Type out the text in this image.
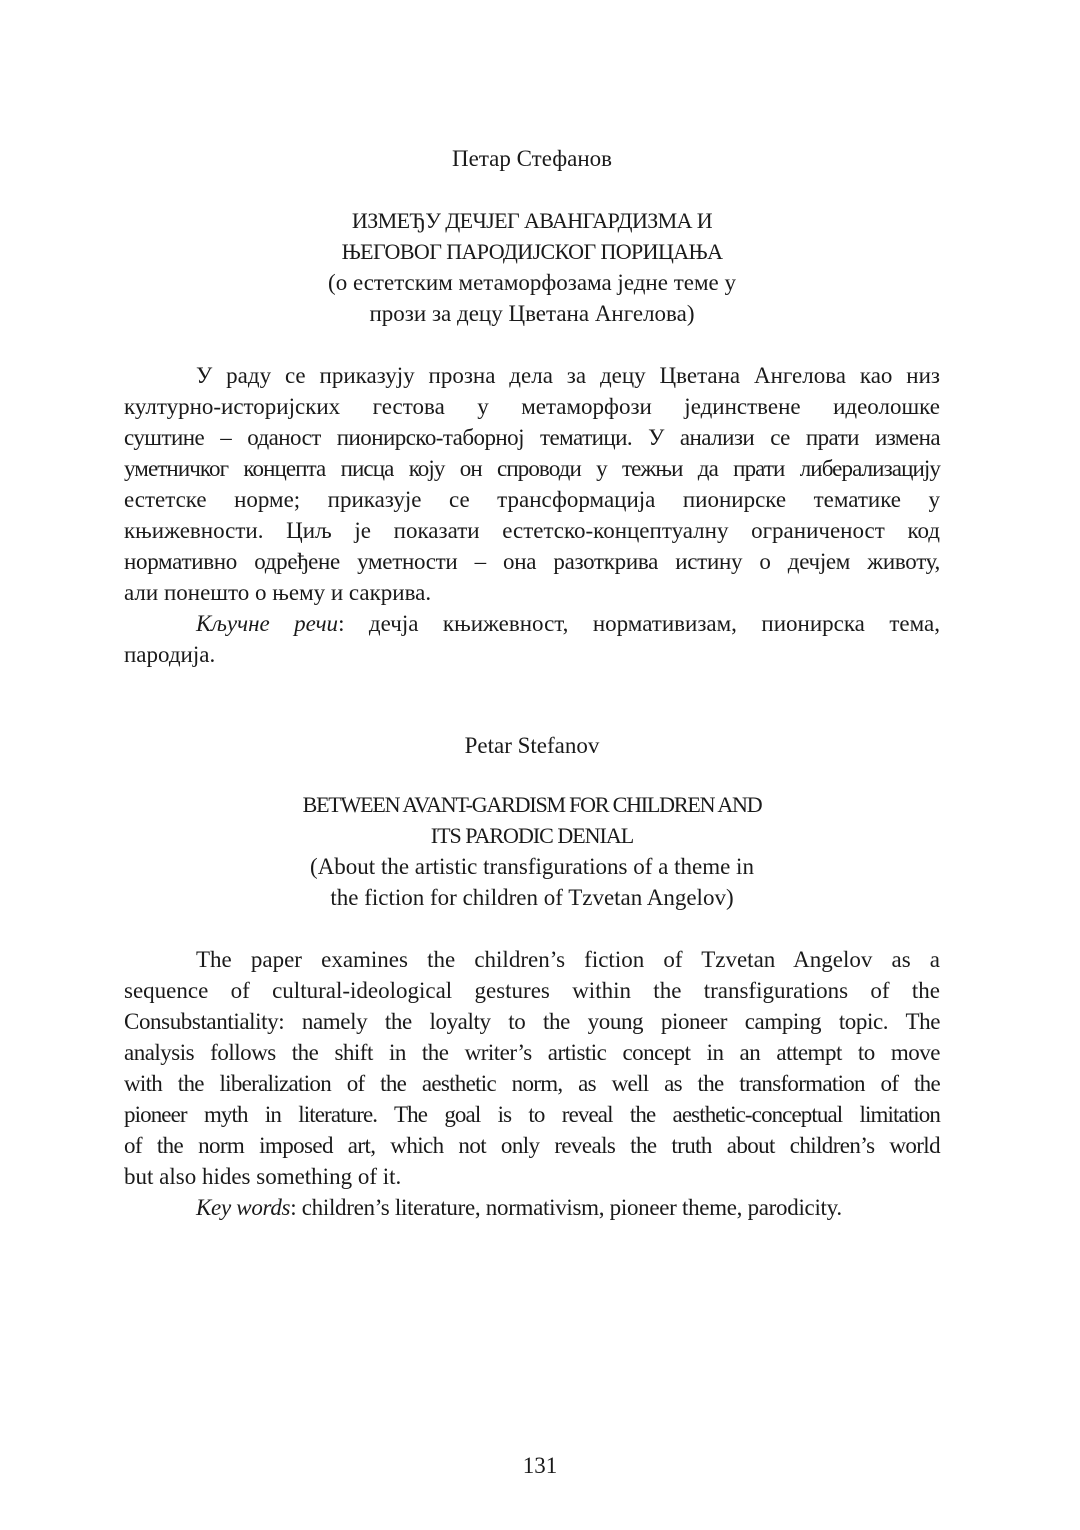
Петар Стефанов
ИЗМЕЂУ ДЕЧЈЕГ АВАНГАРДИЗМА И
ЊЕГОВОГ ПАРОДИЈСКОГ ПОРИЦАЊА
(о естетским метаморфозама једне теме у
прози за децу Цветана Ангелова)

У раду се приказују прозна дела за децу Цветана Ангелова као низ
културно-историјских гестова у метаморфози јединствене идеолошке
суштине – оданост пионирско-таборној тематици. У анализи се прати измена
уметничког концепта писца коју он спроводи у тежњи да прати либерализацију
естетске норме; приказује се трансформација пионирске тематике у
књижевности. Циљ је показати естетско-концептуалну ограниченост код
нормативно одређене уметности – она разоткрива истину о дечјем животу,
али понешто о њему и сакрива.

Кључне речи: дечја књижевност, нормативизам, пионирска тема,
пародија.

Petar Stefanov
BETWEEN AVANT-GARDISM FOR CHILDREN AND
ITS PARODIC DENIAL
(About the artistic transfigurations of a theme in
the fiction for children of Tzvetan Angelov)

The paper examines the children’s fiction of Tzvetan Angelov as a
sequence of cultural-ideological gestures within the transfigurations of the
Consubstantiality: namely the loyalty to the young pioneer camping topic. The
analysis follows the shift in the writer’s artistic concept in an attempt to move
with the liberalization of the aesthetic norm, as well as the transformation of the
pioneer myth in literature. The goal is to reveal the aesthetic-conceptual limitation
of the norm imposed art, which not only reveals the truth about children’s world
but also hides something of it.

Key words: children’s literature, normativism, pioneer theme, parodicity.

131
